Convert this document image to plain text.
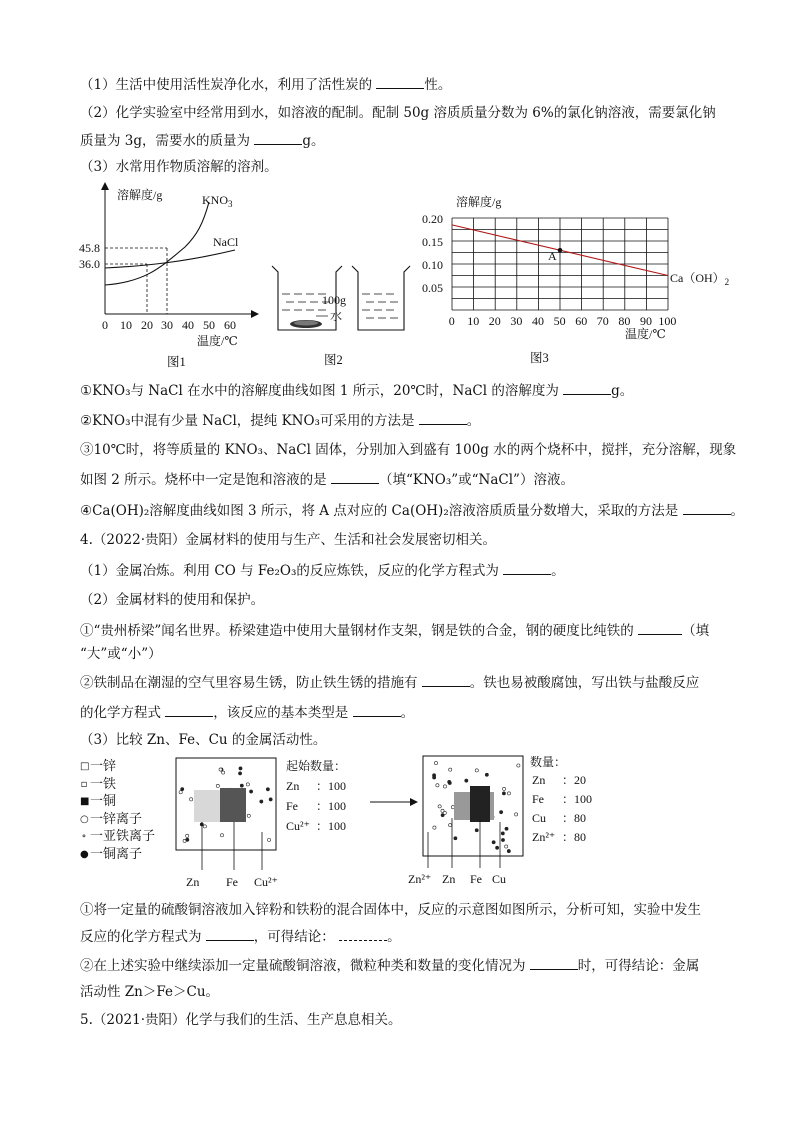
（1）生活中使用活性炭净化水，利用了活性炭的	性。
（2）化学实验室中经常用到水，如溶液的配制。配制 50g 溶质质量分数为 6%的氯化钠溶液，需要氯化钠
质量为 3g，需要水的质量为	g。
（3）水常用作物质溶解的溶剂。
溶解度/g	$KNO_3$
NaCl
45.8
36.0
0 10 20 30 40 50 60
温度/℃
图1
100g
水
图2
溶解度/g
0.20
0.15
0.10
0.05
0 10 20 30 40 50 60 70 80 90 100
A
$Ca(OH)_2$
温度/℃
图3
①KNO₃与 NaCl 在水中的溶解度曲线如图 1 所示，20℃时，NaCl 的溶解度为	g。
②KNO₃中混有少量 NaCl，提纯 KNO₃可采用的方法是	。
③10℃时，将等质量的 KNO₃、NaCl 固体，分别加入到盛有 100g 水的两个烧杯中，搅拌，充分溶解，现象
如图 2 所示。烧杯中一定是饱和溶液的是	（填“KNO₃”或“NaCl”）溶液。
④Ca(OH)₂溶解度曲线如图 3 所示，将 A 点对应的 Ca(OH)₂溶液溶质质量分数增大，采取的方法是	。
4.（2022·贵阳）金属材料的使用与生产、生活和社会发展密切相关。
（1）金属冶炼。利用 CO 与 Fe₂O₃的反应炼铁，反应的化学方程式为	。
（2）金属材料的使用和保护。
①“贵州桥梁”闻名世界。桥梁建造中使用大量钢材作支架，钢是铁的合金，钢的硬度比纯铁的	（填
“大”或“小”）
②铁制品在潮湿的空气里容易生锈，防止铁生锈的措施有	。铁也易被酸腐蚀，写出铁与盐酸反应
的化学方程式	，该反应的基本类型是	。
（3）比较 Zn、Fe、Cu 的金属活动性。
□ 一锌
▫ 一铁
■ 一铜
○ 一锌离子
∘ 一亚铁离子
● 一铜离子
Zn Fe Cu²⁺
起始数量：
Zn ：100
Fe ：100
Cu²⁺ ：100
Zn²⁺ Zn Fe Cu
数量：
Zn ：20
Fe ：100
Cu ：80
Zn²⁺ ：80
①将一定量的硫酸铜溶液加入锌粉和铁粉的混合固体中，反应的示意图如图所示，分析可知，实验中发生
反应的化学方程式为	，可得结论：	。
②在上述实验中继续添加一定量硫酸铜溶液，微粒种类和数量的变化情况为	时，可得结论：金属
活动性 Zn＞Fe＞Cu。
5.（2021·贵阳）化学与我们的生活、生产息息相关。
